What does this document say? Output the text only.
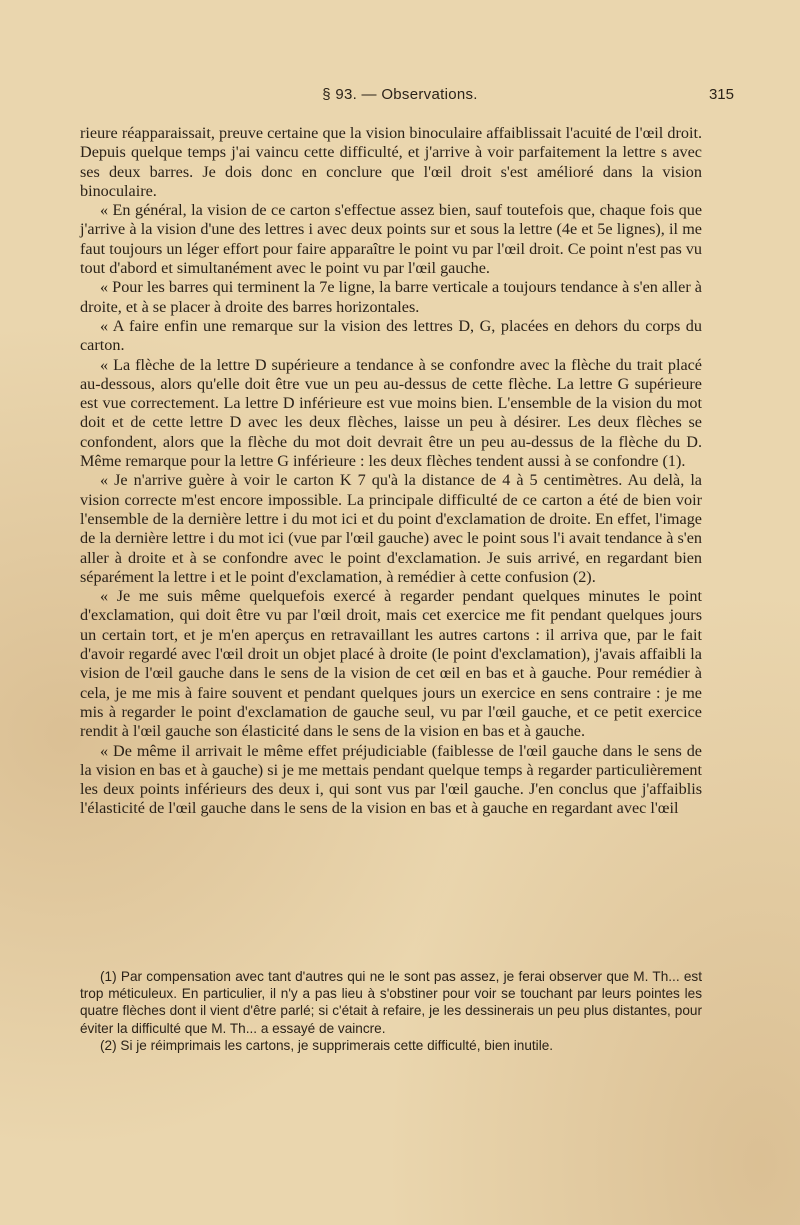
§ 93. — Observations.	315

rieure réapparaissait, preuve certaine que la vision binoculaire affaiblissait l'acuité de l'œil droit. Depuis quelque temps j'ai vaincu cette difficulté, et j'arrive à voir parfaitement la lettre s avec ses deux barres. Je dois donc en conclure que l'œil droit s'est amélioré dans la vision binoculaire.

« En général, la vision de ce carton s'effectue assez bien, sauf toutefois que, chaque fois que j'arrive à la vision d'une des lettres i avec deux points sur et sous la lettre (4e et 5e lignes), il me faut toujours un léger effort pour faire apparaître le point vu par l'œil droit. Ce point n'est pas vu tout d'abord et simultanément avec le point vu par l'œil gauche.

« Pour les barres qui terminent la 7e ligne, la barre verticale a toujours tendance à s'en aller à droite, et à se placer à droite des barres horizontales.

« A faire enfin une remarque sur la vision des lettres D, G, placées en dehors du corps du carton.

« La flèche de la lettre D supérieure a tendance à se confondre avec la flèche du trait placé au-dessous, alors qu'elle doit être vue un peu au-dessus de cette flèche. La lettre G supérieure est vue correctement. La lettre D inférieure est vue moins bien. L'ensemble de la vision du mot doit et de cette lettre D avec les deux flèches, laisse un peu à désirer. Les deux flèches se confondent, alors que la flèche du mot doit devrait être un peu au-dessus de la flèche du D. Même remarque pour la lettre G inférieure : les deux flèches tendent aussi à se confondre (1).

« Je n'arrive guère à voir le carton K 7 qu'à la distance de 4 à 5 centimètres. Au delà, la vision correcte m'est encore impossible. La principale difficulté de ce carton a été de bien voir l'ensemble de la dernière lettre i du mot ici et du point d'exclamation de droite. En effet, l'image de la dernière lettre i du mot ici (vue par l'œil gauche) avec le point sous l'i avait tendance à s'en aller à droite et à se confondre avec le point d'exclamation. Je suis arrivé, en regardant bien séparément la lettre i et le point d'exclamation, à remédier à cette confusion (2).

« Je me suis même quelquefois exercé à regarder pendant quelques minutes le point d'exclamation, qui doit être vu par l'œil droit, mais cet exercice me fit pendant quelques jours un certain tort, et je m'en aperçus en retravaillant les autres cartons : il arriva que, par le fait d'avoir regardé avec l'œil droit un objet placé à droite (le point d'exclamation), j'avais affaibli la vision de l'œil gauche dans le sens de la vision de cet œil en bas et à gauche. Pour remédier à cela, je me mis à faire souvent et pendant quelques jours un exercice en sens contraire : je me mis à regarder le point d'exclamation de gauche seul, vu par l'œil gauche, et ce petit exercice rendit à l'œil gauche son élasticité dans le sens de la vision en bas et à gauche.

« De même il arrivait le même effet préjudiciable (faiblesse de l'œil gauche dans le sens de la vision en bas et à gauche) si je me mettais pendant quelque temps à regarder particulièrement les deux points inférieurs des deux i, qui sont vus par l'œil gauche. J'en conclus que j'affaiblis l'élasticité de l'œil gauche dans le sens de la vision en bas et à gauche en regardant avec l'œil

(1) Par compensation avec tant d'autres qui ne le sont pas assez, je ferai observer que M. Th... est trop méticuleux. En particulier, il n'y a pas lieu à s'obstiner pour voir se touchant par leurs pointes les quatre flèches dont il vient d'être parlé; si c'était à refaire, je les dessinerais un peu plus distantes, pour éviter la difficulté que M. Th... a essayé de vaincre.

(2) Si je réimprimais les cartons, je supprimerais cette difficulté, bien inutile.
